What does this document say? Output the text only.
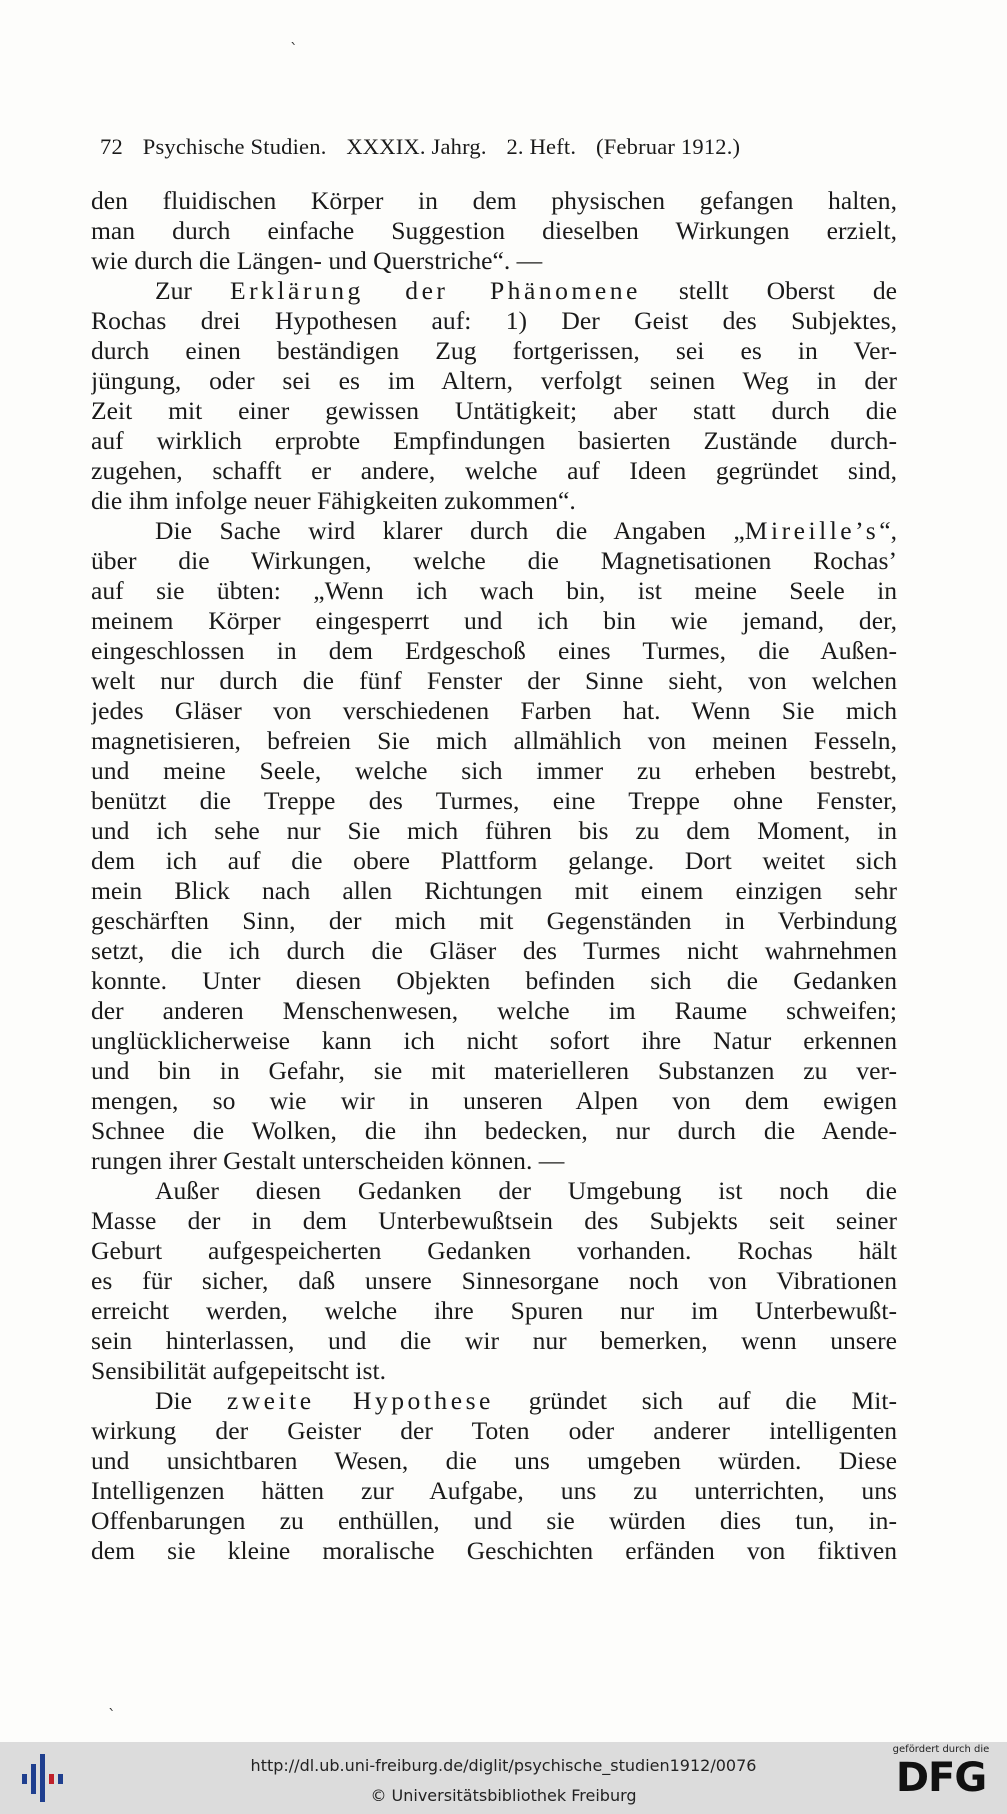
`
`
72 Psychische Studien. XXXIX. Jahrg. 2. Heft. (Februar 1912.)
den fluidischen Körper in dem physischen gefangen halten,
man durch einfache Suggestion dieselben Wirkungen erzielt,
wie durch die Längen- und Querstriche“. —
Zur Erklärung der Phänomene stellt Oberst de
Rochas drei Hypothesen auf: 1) Der Geist des Subjektes,
durch einen beständigen Zug fortgerissen, sei es in Ver-
jüngung, oder sei es im Altern, verfolgt seinen Weg in der
Zeit mit einer gewissen Untätigkeit; aber statt durch die
auf wirklich erprobte Empfindungen basierten Zustände durch-
zugehen, schafft er andere, welche auf Ideen gegründet sind,
die ihm infolge neuer Fähigkeiten zukommen“.
Die Sache wird klarer durch die Angaben „Mireille’s“,
über die Wirkungen, welche die Magnetisationen Rochas’
auf sie übten: „Wenn ich wach bin, ist meine Seele in
meinem Körper eingesperrt und ich bin wie jemand, der,
eingeschlossen in dem Erdgeschoß eines Turmes, die Außen-
welt nur durch die fünf Fenster der Sinne sieht, von welchen
jedes Gläser von verschiedenen Farben hat. Wenn Sie mich
magnetisieren, befreien Sie mich allmählich von meinen Fesseln,
und meine Seele, welche sich immer zu erheben bestrebt,
benützt die Treppe des Turmes, eine Treppe ohne Fenster,
und ich sehe nur Sie mich führen bis zu dem Moment, in
dem ich auf die obere Plattform gelange. Dort weitet sich
mein Blick nach allen Richtungen mit einem einzigen sehr
geschärften Sinn, der mich mit Gegenständen in Verbindung
setzt, die ich durch die Gläser des Turmes nicht wahrnehmen
konnte. Unter diesen Objekten befinden sich die Gedanken
der anderen Menschenwesen, welche im Raume schweifen;
unglücklicherweise kann ich nicht sofort ihre Natur erkennen
und bin in Gefahr, sie mit materielleren Substanzen zu ver-
mengen, so wie wir in unseren Alpen von dem ewigen
Schnee die Wolken, die ihn bedecken, nur durch die Aende-
rungen ihrer Gestalt unterscheiden können. —
Außer diesen Gedanken der Umgebung ist noch die
Masse der in dem Unterbewußtsein des Subjekts seit seiner
Geburt aufgespeicherten Gedanken vorhanden. Rochas hält
es für sicher, daß unsere Sinnesorgane noch von Vibrationen
erreicht werden, welche ihre Spuren nur im Unterbewußt-
sein hinterlassen, und die wir nur bemerken, wenn unsere
Sensibilität aufgepeitscht ist.
Die zweite Hypothese gründet sich auf die Mit-
wirkung der Geister der Toten oder anderer intelligenten
und unsichtbaren Wesen, die uns umgeben würden. Diese
Intelligenzen hätten zur Aufgabe, uns zu unterrichten, uns
Offenbarungen zu enthüllen, und sie würden dies tun, in-
dem sie kleine moralische Geschichten erfänden von fiktiven
http://dl.ub.uni-freiburg.de/diglit/psychische_studien1912/0076
© Universitätsbibliothek Freiburg
gefördert durch die
DFG
